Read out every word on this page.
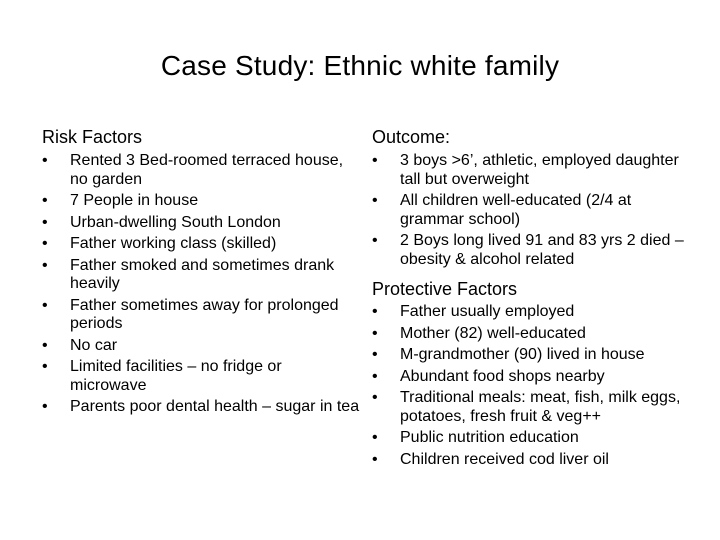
Case Study: Ethnic white family
Risk Factors
• Rented 3 Bed-roomed terraced house, no garden
• 7 People in house
• Urban-dwelling South London
• Father working class (skilled)
• Father smoked and sometimes drank heavily
• Father sometimes away for prolonged periods
• No car
• Limited facilities – no fridge or microwave
• Parents poor dental health – sugar in tea
Outcome:
• 3 boys >6’, athletic, employed daughter tall but overweight
• All children well-educated (2/4 at grammar school)
• 2 Boys long lived 91 and 83 yrs 2 died – obesity & alcohol related
Protective Factors
• Father usually employed
• Mother (82) well-educated
• M-grandmother (90) lived in house
• Abundant food shops nearby
• Traditional meals: meat, fish, milk eggs, potatoes, fresh fruit & veg++
• Public nutrition education
• Children received cod liver oil
